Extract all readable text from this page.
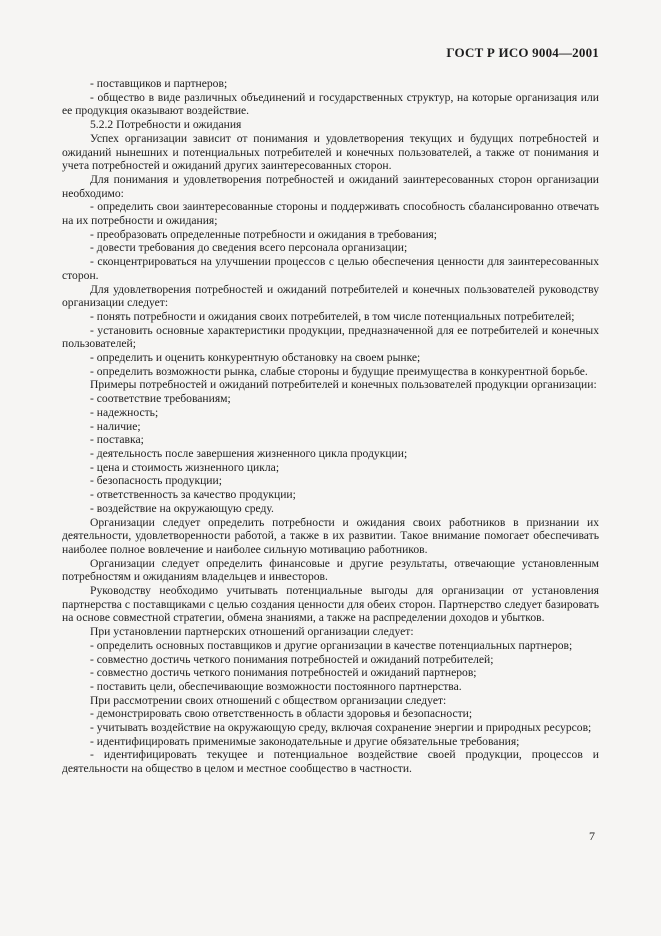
ГОСТ Р ИСО 9004—2001

- поставщиков и партнеров;

- общество в виде различных объединений и государственных структур, на которые организация или ее продукция оказывают воздействие.

5.2.2 Потребности и ожидания

Успех организации зависит от понимания и удовлетворения текущих и будущих потребностей и ожиданий нынешних и потенциальных потребителей и конечных пользователей, а также от понимания и учета потребностей и ожиданий других заинтересованных сторон.

Для понимания и удовлетворения потребностей и ожиданий заинтересованных сторон организации необходимо:

- определить свои заинтересованные стороны и поддерживать способность сбалансированно отвечать на их потребности и ожидания;

- преобразовать определенные потребности и ожидания в требования;

- довести требования до сведения всего персонала организации;

- сконцентрироваться на улучшении процессов с целью обеспечения ценности для заинтересованных сторон.

Для удовлетворения потребностей и ожиданий потребителей и конечных пользователей руководству организации следует:

- понять потребности и ожидания своих потребителей, в том числе потенциальных потребителей;

- установить основные характеристики продукции, предназначенной для ее потребителей и конечных пользователей;

- определить и оценить конкурентную обстановку на своем рынке;

- определить возможности рынка, слабые стороны и будущие преимущества в конкурентной борьбе.

Примеры потребностей и ожиданий потребителей и конечных пользователей продукции организации:

- соответствие требованиям;

- надежность;

- наличие;

- поставка;

- деятельность после завершения жизненного цикла продукции;

- цена и стоимость жизненного цикла;

- безопасность продукции;

- ответственность за качество продукции;

- воздействие на окружающую среду.

Организации следует определить потребности и ожидания своих работников в признании их деятельности, удовлетворенности работой, а также в их развитии. Такое внимание помогает обеспечивать наиболее полное вовлечение и наиболее сильную мотивацию работников.

Организации следует определить финансовые и другие результаты, отвечающие установленным потребностям и ожиданиям владельцев и инвесторов.

Руководству необходимо учитывать потенциальные выгоды для организации от установления партнерства с поставщиками с целью создания ценности для обеих сторон. Партнерство следует базировать на основе совместной стратегии, обмена знаниями, а также на распределении доходов и убытков.

При установлении партнерских отношений организации следует:

- определить основных поставщиков и другие организации в качестве потенциальных партнеров;

- совместно достичь четкого понимания потребностей и ожиданий потребителей;

- совместно достичь четкого понимания потребностей и ожиданий партнеров;

- поставить цели, обеспечивающие возможности постоянного партнерства.

При рассмотрении своих отношений с обществом организации следует:

- демонстрировать свою ответственность в области здоровья и безопасности;

- учитывать воздействие на окружающую среду, включая сохранение энергии и природных ресурсов;

- идентифицировать применимые законодательные и другие обязательные требования;

- идентифицировать текущее и потенциальное воздействие своей продукции, процессов и деятельности на общество в целом и местное сообщество в частности.

7
